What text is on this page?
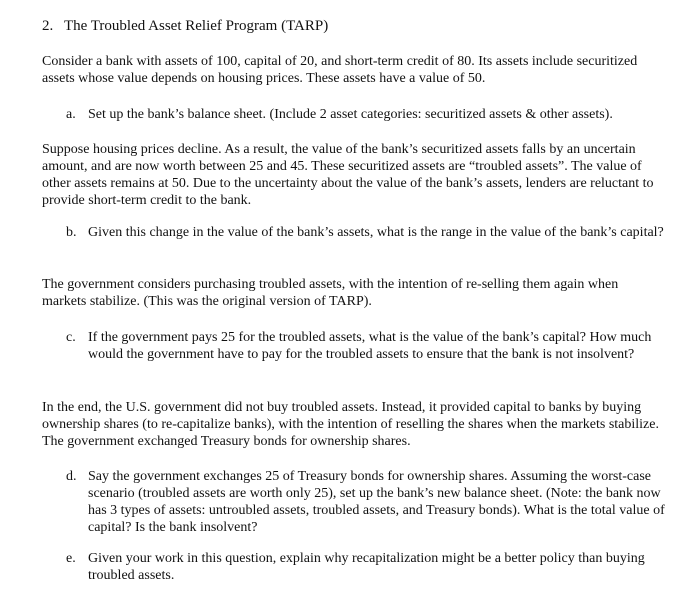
2. The Troubled Asset Relief Program (TARP)

Consider a bank with assets of 100, capital of 20, and short-term credit of 80. Its assets include securitized assets whose value depends on housing prices. These assets have a value of 50.

a. Set up the bank’s balance sheet. (Include 2 asset categories: securitized assets & other assets).

Suppose housing prices decline. As a result, the value of the bank’s securitized assets falls by an uncertain amount, and are now worth between 25 and 45. These securitized assets are “troubled assets”. The value of other assets remains at 50. Due to the uncertainty about the value of the bank’s assets, lenders are reluctant to provide short-term credit to the bank.

b. Given this change in the value of the bank’s assets, what is the range in the value of the bank’s capital?

The government considers purchasing troubled assets, with the intention of re-selling them again when markets stabilize. (This was the original version of TARP).

c. If the government pays 25 for the troubled assets, what is the value of the bank’s capital? How much would the government have to pay for the troubled assets to ensure that the bank is not insolvent?

In the end, the U.S. government did not buy troubled assets. Instead, it provided capital to banks by buying ownership shares (to re-capitalize banks), with the intention of reselling the shares when the markets stabilize. The government exchanged Treasury bonds for ownership shares.

d. Say the government exchanges 25 of Treasury bonds for ownership shares. Assuming the worst-case scenario (troubled assets are worth only 25), set up the bank’s new balance sheet. (Note: the bank now has 3 types of assets: untroubled assets, troubled assets, and Treasury bonds). What is the total value of capital? Is the bank insolvent?
e. Given your work in this question, explain why recapitalization might be a better policy than buying troubled assets.
